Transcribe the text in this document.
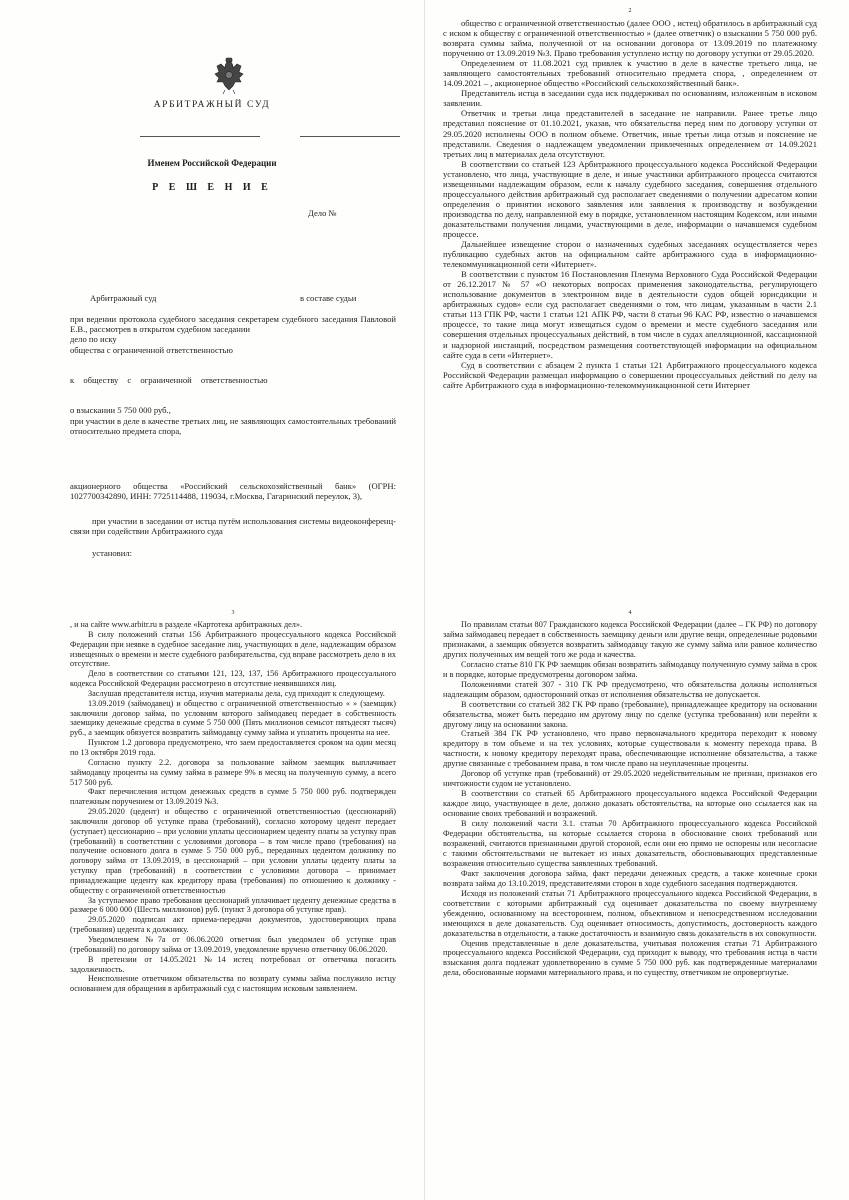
АРБИТРАЖНЫЙ СУД
Именем Российской Федерации
Р Е Ш Е Н И Е
Дело №
Арбитражный суд	в составе судьи

при ведении протокола судебного заседания секретарем судебного заседания Павловой Е.В., рассмотрев в открытом судебном заседании

дело по иску
общества с ограниченной ответственностью
к обществу с ограниченной ответственностью
о взыскании 5 750 000 руб.,

при участии в деле в качестве третьих лиц, не заявляющих самостоятельных требований относительно предмета спора,

акционерного общества «Российский сельскохозяйственный банк» (ОГРН: 1027700342890, ИНН: 7725114488, 119034, г.Москва, Гагаринский переулок, 3),

при участии в заседании от истца путём использования системы видеоконференц-связи при содействии Арбитражного суда

установил:
2

общество с ограниченной ответственностью (далее ООО , истец) обратилось в арбитражный суд с иском к обществу с ограниченной ответственностью » (далее ответчик) о взыскании 5 750 000 руб. возврата суммы займа, полученной от на основании договора от 13.09.2019 по платежному поручению от 13.09.2019 №3. Право требования уступлено истцу по договору уступки от 29.05.2020.

Определением от 11.08.2021 суд привлек к участию в деле в качестве третьего лица, не заявляющего самостоятельных требований относительно предмета спора, , определением от 14.09.2021 – , акционерное общество «Российский сельскохозяйственный банк».

Представитель истца в заседании суда иск поддерживал по основаниям, изложенным в исковом заявлении.

Ответчик и третьи лица представителей в заседание не направили. Ранее третье лицо представил пояснение от 01.10.2021, указав, что обязательства перед ним по договору уступки от 29.05.2020 исполнены ООО в полном объеме. Ответчик, иные третьи лица отзыв и пояснение не представили. Сведения о надлежащем уведомлении привлеченных определением от 14.09.2021 третьих лиц в материалах дела отсутствуют.

В соответствии со статьей 123 Арбитражного процессуального кодекса Российской Федерации установлено, что лица, участвующие в деле, и иные участники арбитражного процесса считаются извещенными надлежащим образом, если к началу судебного заседания, совершения отдельного процессуального действия арбитражный суд располагает сведениями о получении адресатом копии определения о принятии искового заявления или заявления к производству и возбуждении производства по делу, направленной ему в порядке, установленном настоящим Кодексом, или иными доказательствами получения лицами, участвующими в деле, информации о начавшемся судебном процессе.

Дальнейшее извещение сторон о назначенных судебных заседаниях осуществляется через публикацию судебных актов на официальном сайте арбитражного суда в информационно-телекоммуникационной сети «Интернет».

В соответствии с пунктом 16 Постановления Пленума Верховного Суда Российской Федерации от 26.12.2017 № 57 «О некоторых вопросах применения законодательства, регулирующего использование документов в электронном виде в деятельности судов общей юрисдикции и арбитражных судов» если суд располагает сведениями о том, что лицам, указанным в части 2.1 статьи 113 ГПК РФ, части 1 статьи 121 АПК РФ, части 8 статьи 96 КАС РФ, известно о начавшемся процессе, то такие лица могут извещаться судом о времени и месте судебного заседания или совершения отдельных процессуальных действий, в том числе в судах апелляционной, кассационной и надзорной инстанций, посредством размещения соответствующей информации на официальном сайте суда в сети «Интернет».

Суд в соответствии с абзацем 2 пункта 1 статьи 121 Арбитражного процессуального кодекса Российской Федерации размещал информацию о совершении процессуальных действий по делу на сайте Арбитражного суда в информационно-телекоммуникационной сети Интернет

3

, и на сайте www.arbitr.ru в разделе «Картотека арбитражных дел».

В силу положений статьи 156 Арбитражного процессуального кодекса Российской Федерации при неявке в судебное заседание лиц, участвующих в деле, надлежащим образом извещенных о времени и месте судебного разбирательства, суд вправе рассмотреть дело в их отсутствие.

Дело в соответствии со статьями 121, 123, 137, 156 Арбитражного процессуального кодекса Российской Федерации рассмотрено в отсутствие неявившихся лиц.

Заслушав представителя истца, изучив материалы дела, суд приходит к следующему.

13.09.2019 (займодавец) и общество с ограниченной ответственностью « » (заемщик) заключили договор займа, по условиям которого займодавец передает в собственность заемщику денежные средства в сумме 5 750 000 (Пять миллионов семьсот пятьдесят тысяч) руб., а заемщик обязуется возвратить займодавцу сумму займа и уплатить проценты на нее.

Пунктом 1.2 договора предусмотрено, что заем предоставляется сроком на один месяц по 13 октября 2019 года.

Согласно пункту 2.2. договора за пользование займом заемщик выплачивает займодавцу проценты на сумму займа в размере 9% в месяц на полученную сумму, а всего 517 500 руб.

Факт перечисления истцом денежных средств в сумме 5 750 000 руб. подтвержден платежным поручением от 13.09.2019 №3.

29.05.2020 (цедент) и общество с ограниченной ответственностью (цессионарий) заключили договор об уступке права (требований), согласно которому цедент передает (уступает) цессионарию – при условии уплаты цессионарием цеденту платы за уступку прав (требований) в соответствии с условиями договора – в том числе право (требования) на получение основного долга в сумме 5 750 000 руб., переданных цедентом должнику по договору займа от 13.09.2019, в цессионарий – при условии уплаты цеденту платы за уступку прав (требований) в соответствии с условиями договора – принимает принадлежащие цеденту как кредитору права (требования) по отношению к должнику - обществу с ограниченной ответственностью

За уступаемое право требования цессионарий уплачивает цеденту денежные средства в размере 6 000 000 (Шесть миллионов) руб. (пункт 3 договора об уступке прав).

29.05.2020 подписан акт приема-передачи документов, удостоверяющих права (требования) цедента к должнику.

Уведомлением №7а от 06.06.2020 ответчик был уведомлен об уступке прав (требований) по договору займа от 13.09.2019, уведомление вручено ответчику 06.06.2020.

В претензии от 14.05.2021 №14 истец потребовал от ответчика погасить задолженность.

Неисполнение ответчиком обязательства по возврату суммы займа послужило истцу основанием для обращения в арбитражный суд с настоящим исковым заявлением.

4

По правилам статьи 807 Гражданского кодекса Российской Федерации (далее – ГК РФ) по договору займа займодавец передает в собственность заемщику деньги или другие вещи, определенные родовыми признаками, а заемщик обязуется возвратить займодавцу такую же сумму займа или равное количество других полученных им вещей того же рода и качества.

Согласно статье 810 ГК РФ заемщик обязан возвратить займодавцу полученную сумму займа в срок и в порядке, которые предусмотрены договором займа.

Положениями статей 307 - 310 ГК РФ предусмотрено, что обязательства должны исполняться надлежащим образом, односторонний отказ от исполнения обязательства не допускается.

В соответствии со статьей 382 ГК РФ право (требование), принадлежащее кредитору на основании обязательства, может быть передано им другому лицу по сделке (уступка требования) или перейти к другому лицу на основании закона.

Статьей 384 ГК РФ установлено, что право первоначального кредитора переходит к новому кредитору в том объеме и на тех условиях, которые существовали к моменту перехода права. В частности, к новому кредитору переходят права, обеспечивающие исполнение обязательства, а также другие связанные с требованием права, в том числе право на неуплаченные проценты.

Договор об уступке прав (требований) от 29.05.2020 недействительным не признан, признаков его ничтожности судом не установлено.

В соответствии со статьей 65 Арбитражного процессуального кодекса Российской Федерации каждое лицо, участвующее в деле, должно доказать обстоятельства, на которые оно ссылается как на основание своих требований и возражений.

В силу положений части 3.1. статьи 70 Арбитражного процессуального кодекса Российской Федерации обстоятельства, на которые ссылается сторона в обоснование своих требований или возражений, считаются признанными другой стороной, если они ею прямо не оспорены или несогласие с такими обстоятельствами не вытекает из иных доказательств, обосновывающих представленные возражения относительно существа заявленных требований.

Факт заключения договора займа, факт передачи денежных средств, а также конечные сроки возврата займа до 13.10.2019, представителями сторон в ходе судебного заседания подтверждаются.

Исходя из положений статьи 71 Арбитражного процессуального кодекса Российской Федерации, в соответствии с которыми арбитражный суд оценивает доказательства по своему внутреннему убеждению, основанному на всестороннем, полном, объективном и непосредственном исследовании имеющихся в деле доказательств. Суд оценивает относимость, допустимость, достоверность каждого доказательства в отдельности, а также достаточность и взаимную связь доказательств в их совокупности.

Оценив представленные в деле доказательства, учитывая положения статьи 71 Арбитражного процессуального кодекса Российской Федерации, суд приходит к выводу, что требования истца в части взыскания долга подлежат удовлетворению в сумме 5 750 000 руб. как подтвержденные материалами дела, обоснованные нормами материального права, и по существу, ответчиком не опровергнутые.
